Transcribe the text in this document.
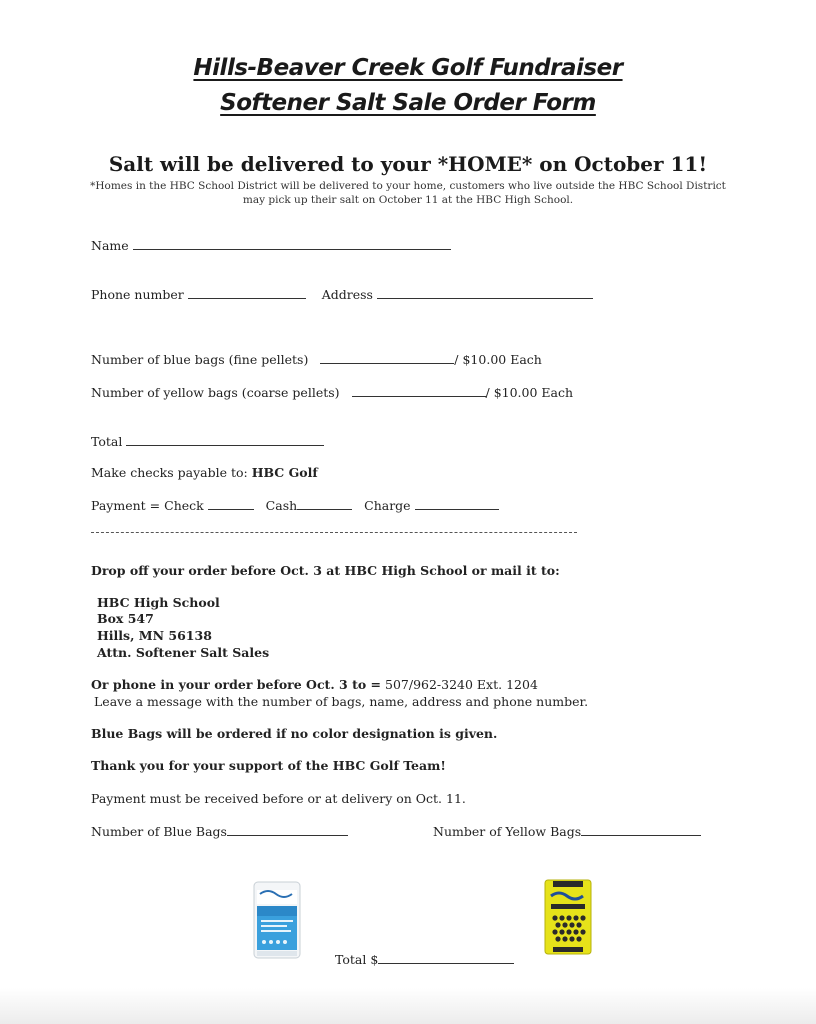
Hills-Beaver Creek Golf Fundraiser
Softener Salt Sale Order Form
Salt will be delivered to your *HOME* on October 11!
*Homes in the HBC School District will be delivered to your home, customers who live outside the HBC School District may pick up their salt on October 11 at the HBC High School.
Name
Phone number	Address
Number of blue bags (fine pellets)	/ $10.00 Each
Number of yellow bags (coarse pellets)	/ $10.00 Each
Total
Make checks payable to: HBC Golf
Payment = Check	Cash	Charge
Drop off your order before Oct. 3 at HBC High School or mail it to:
HBC High School
Box 547
Hills, MN 56138
Attn. Softener Salt Sales
Or phone in your order before Oct. 3 to = 507/962-3240 Ext. 1204
Leave a message with the number of bags, name, address and phone number.
Blue Bags will be ordered if no color designation is given.
Thank you for your support of the HBC Golf Team!
Payment must be received before or at delivery on Oct. 11.
Number of Blue Bags	Number of Yellow Bags
Total $
